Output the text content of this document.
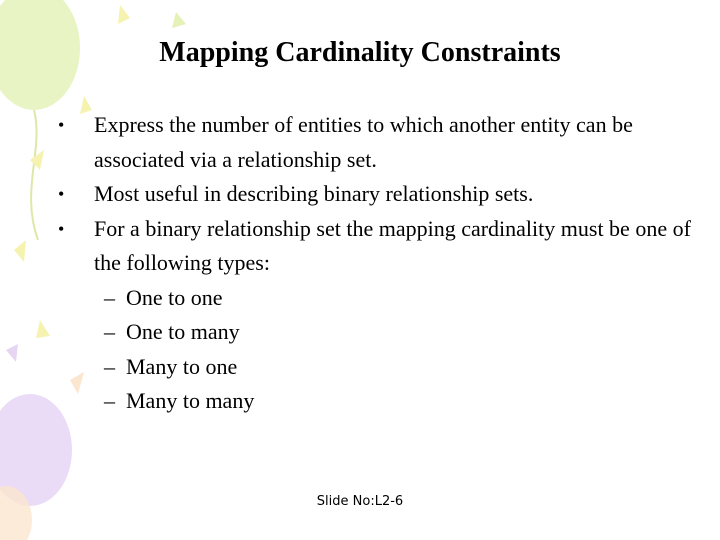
Mapping Cardinality Constraints
•	Express the number of entities to which another entity can be associated via a relationship set.
•	Most useful in describing binary relationship sets.
•	For a binary relationship set the mapping cardinality must be one of the following types:
– One to one
– One to many
– Many to one
– Many to many
Slide No:L2-6
